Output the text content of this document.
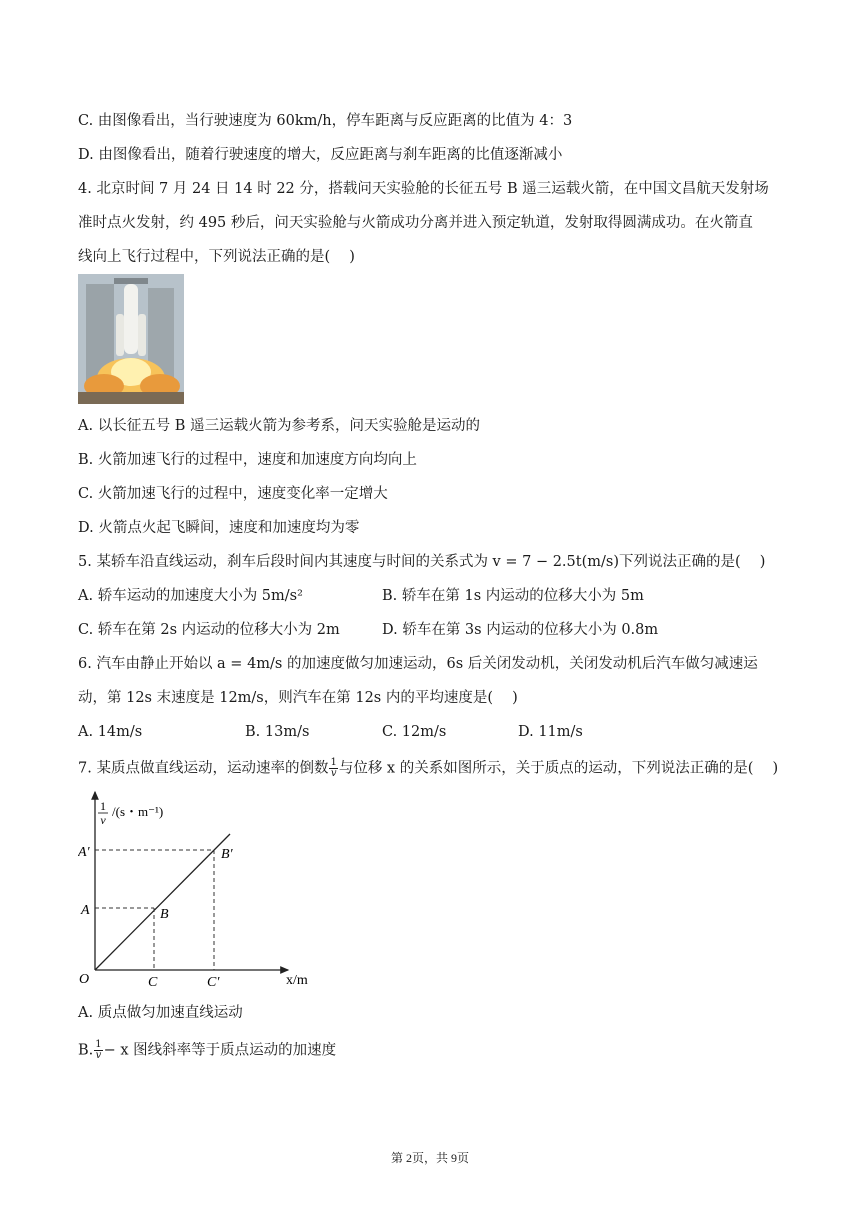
C. 由图像看出，当行驶速度为 60km/h，停车距离与反应距离的比值为 4：3
D. 由图像看出，随着行驶速度的增大，反应距离与刹车距离的比值逐渐减小
4. 北京时间 7 月 24 日 14 时 22 分，搭载问天实验舱的长征五号 B 遥三运载火箭，在中国文昌航天发射场
准时点火发射，约 495 秒后，问天实验舱与火箭成功分离并进入预定轨道，发射取得圆满成功。在火箭直
线向上飞行过程中，下列说法正确的是(　 )
A. 以长征五号 B 遥三运载火箭为参考系，问天实验舱是运动的
B. 火箭加速飞行的过程中，速度和加速度方向均向上
C. 火箭加速飞行的过程中，速度变化率一定增大
D. 火箭点火起飞瞬间，速度和加速度均为零
5. 某轿车沿直线运动，刹车后段时间内其速度与时间的关系式为 v = 7 − 2.5t(m/s)下列说法正确的是(　 )
A. 轿车运动的加速度大小为 5m/s²	B. 轿车在第 1s 内运动的位移大小为 5m
C. 轿车在第 2s 内运动的位移大小为 2m	D. 轿车在第 3s 内运动的位移大小为 0.8m
6. 汽车由静止开始以 a = 4m/s 的加速度做匀加速运动，6s 后关闭发动机，关闭发动机后汽车做匀减速运
动，第 12s 末速度是 12m/s，则汽车在第 12s 内的平均速度是(　 )
A. 14m/s	B. 13m/s	C. 12m/s	D. 11m/s
7. 某质点做直线运动，运动速率的倒数 $\frac{1}{v}$ 与位移 x 的关系如图所示，关于质点的运动，下列说法正确的是(　 )
1
v
/(s・m⁻¹)
A′
A	B
B′
O	C	C′	x/m
A. 质点做匀加速直线运动
B. $\frac{1}{v} - x$ 图线斜率等于质点运动的加速度
第 2页，共 9页
